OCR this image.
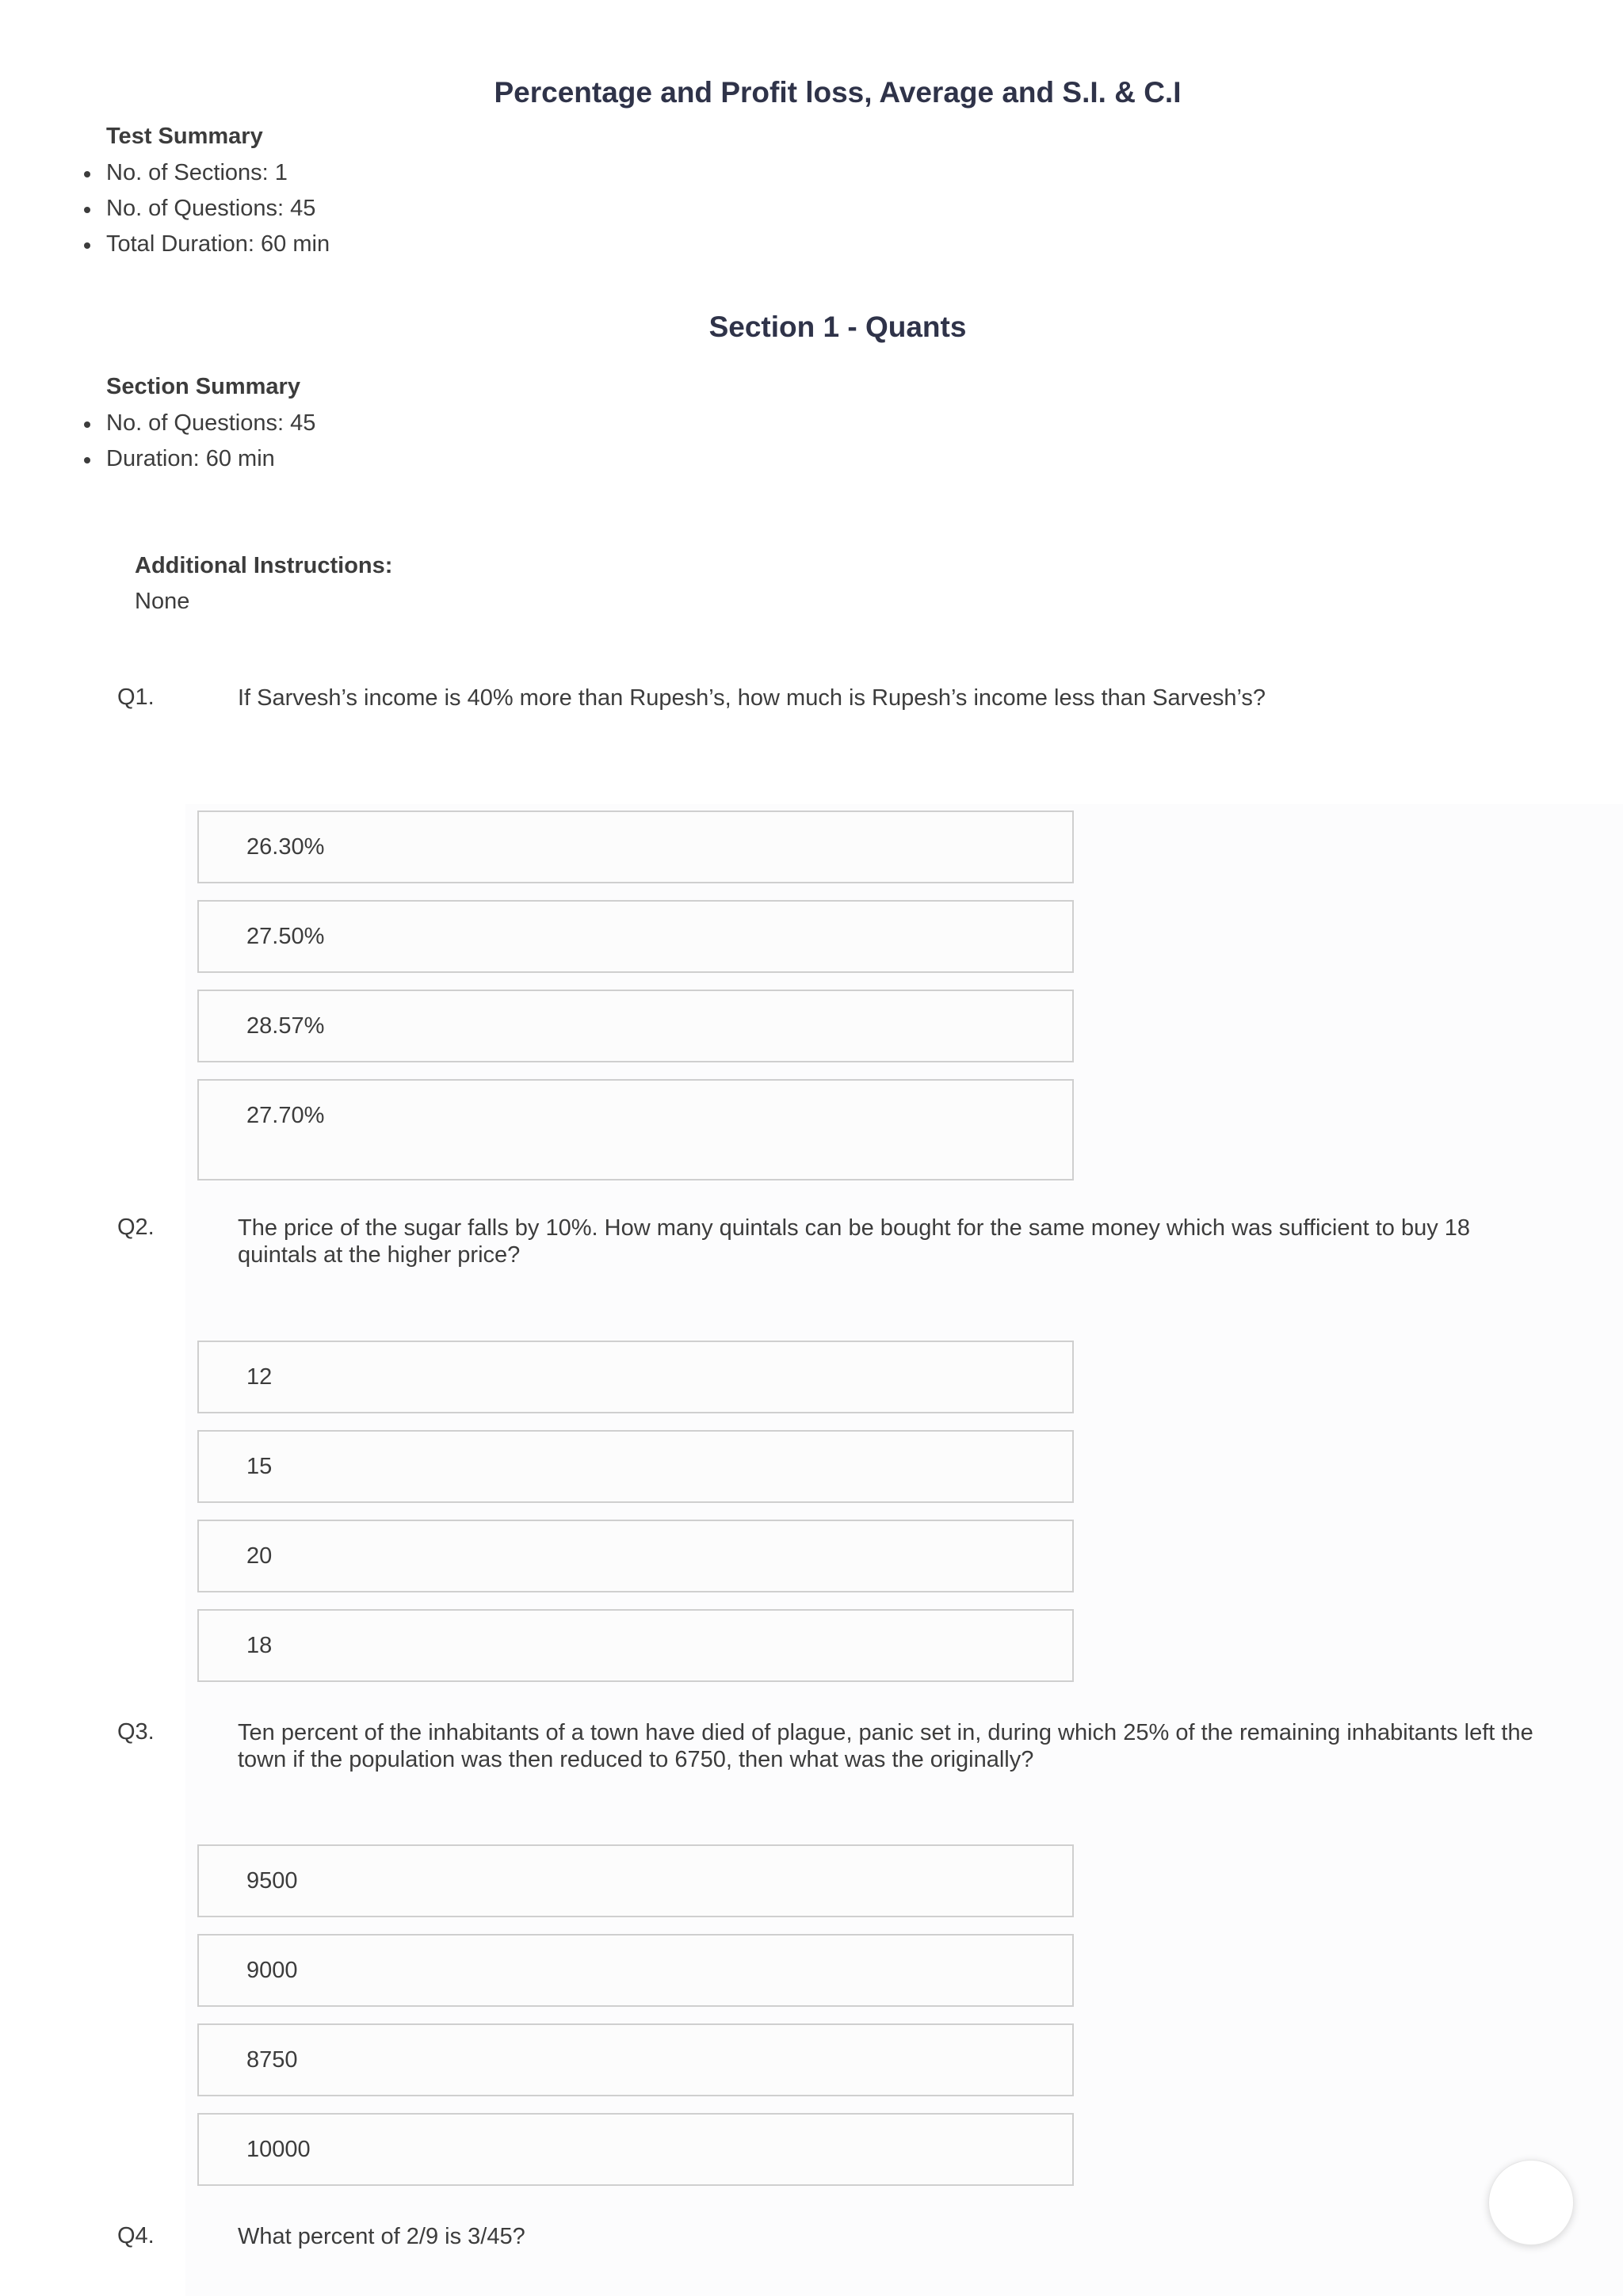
Percentage and Profit loss, Average and S.I. & C.I
Test Summary
No. of Sections: 1
No. of Questions: 45
Total Duration: 60 min
Section 1 - Quants
Section Summary
No. of Questions: 45
Duration: 60 min
Additional Instructions:
None
Q1.	If Sarvesh’s income is 40% more than Rupesh’s, how much is Rupesh’s income less than Sarvesh’s?
26.30%
27.50%
28.57%
27.70%
Q2.	The price of the sugar falls by 10%. How many quintals can be bought for the same money which was sufficient to buy 18 quintals at the higher price?
12
15
20
18
Q3.	Ten percent of the inhabitants of a town have died of plague, panic set in, during which 25% of the remaining inhabitants left the town if the population was then reduced to 6750, then what was the originally?
9500
9000
8750
10000
Q4.	What percent of 2/9 is 3/45?
